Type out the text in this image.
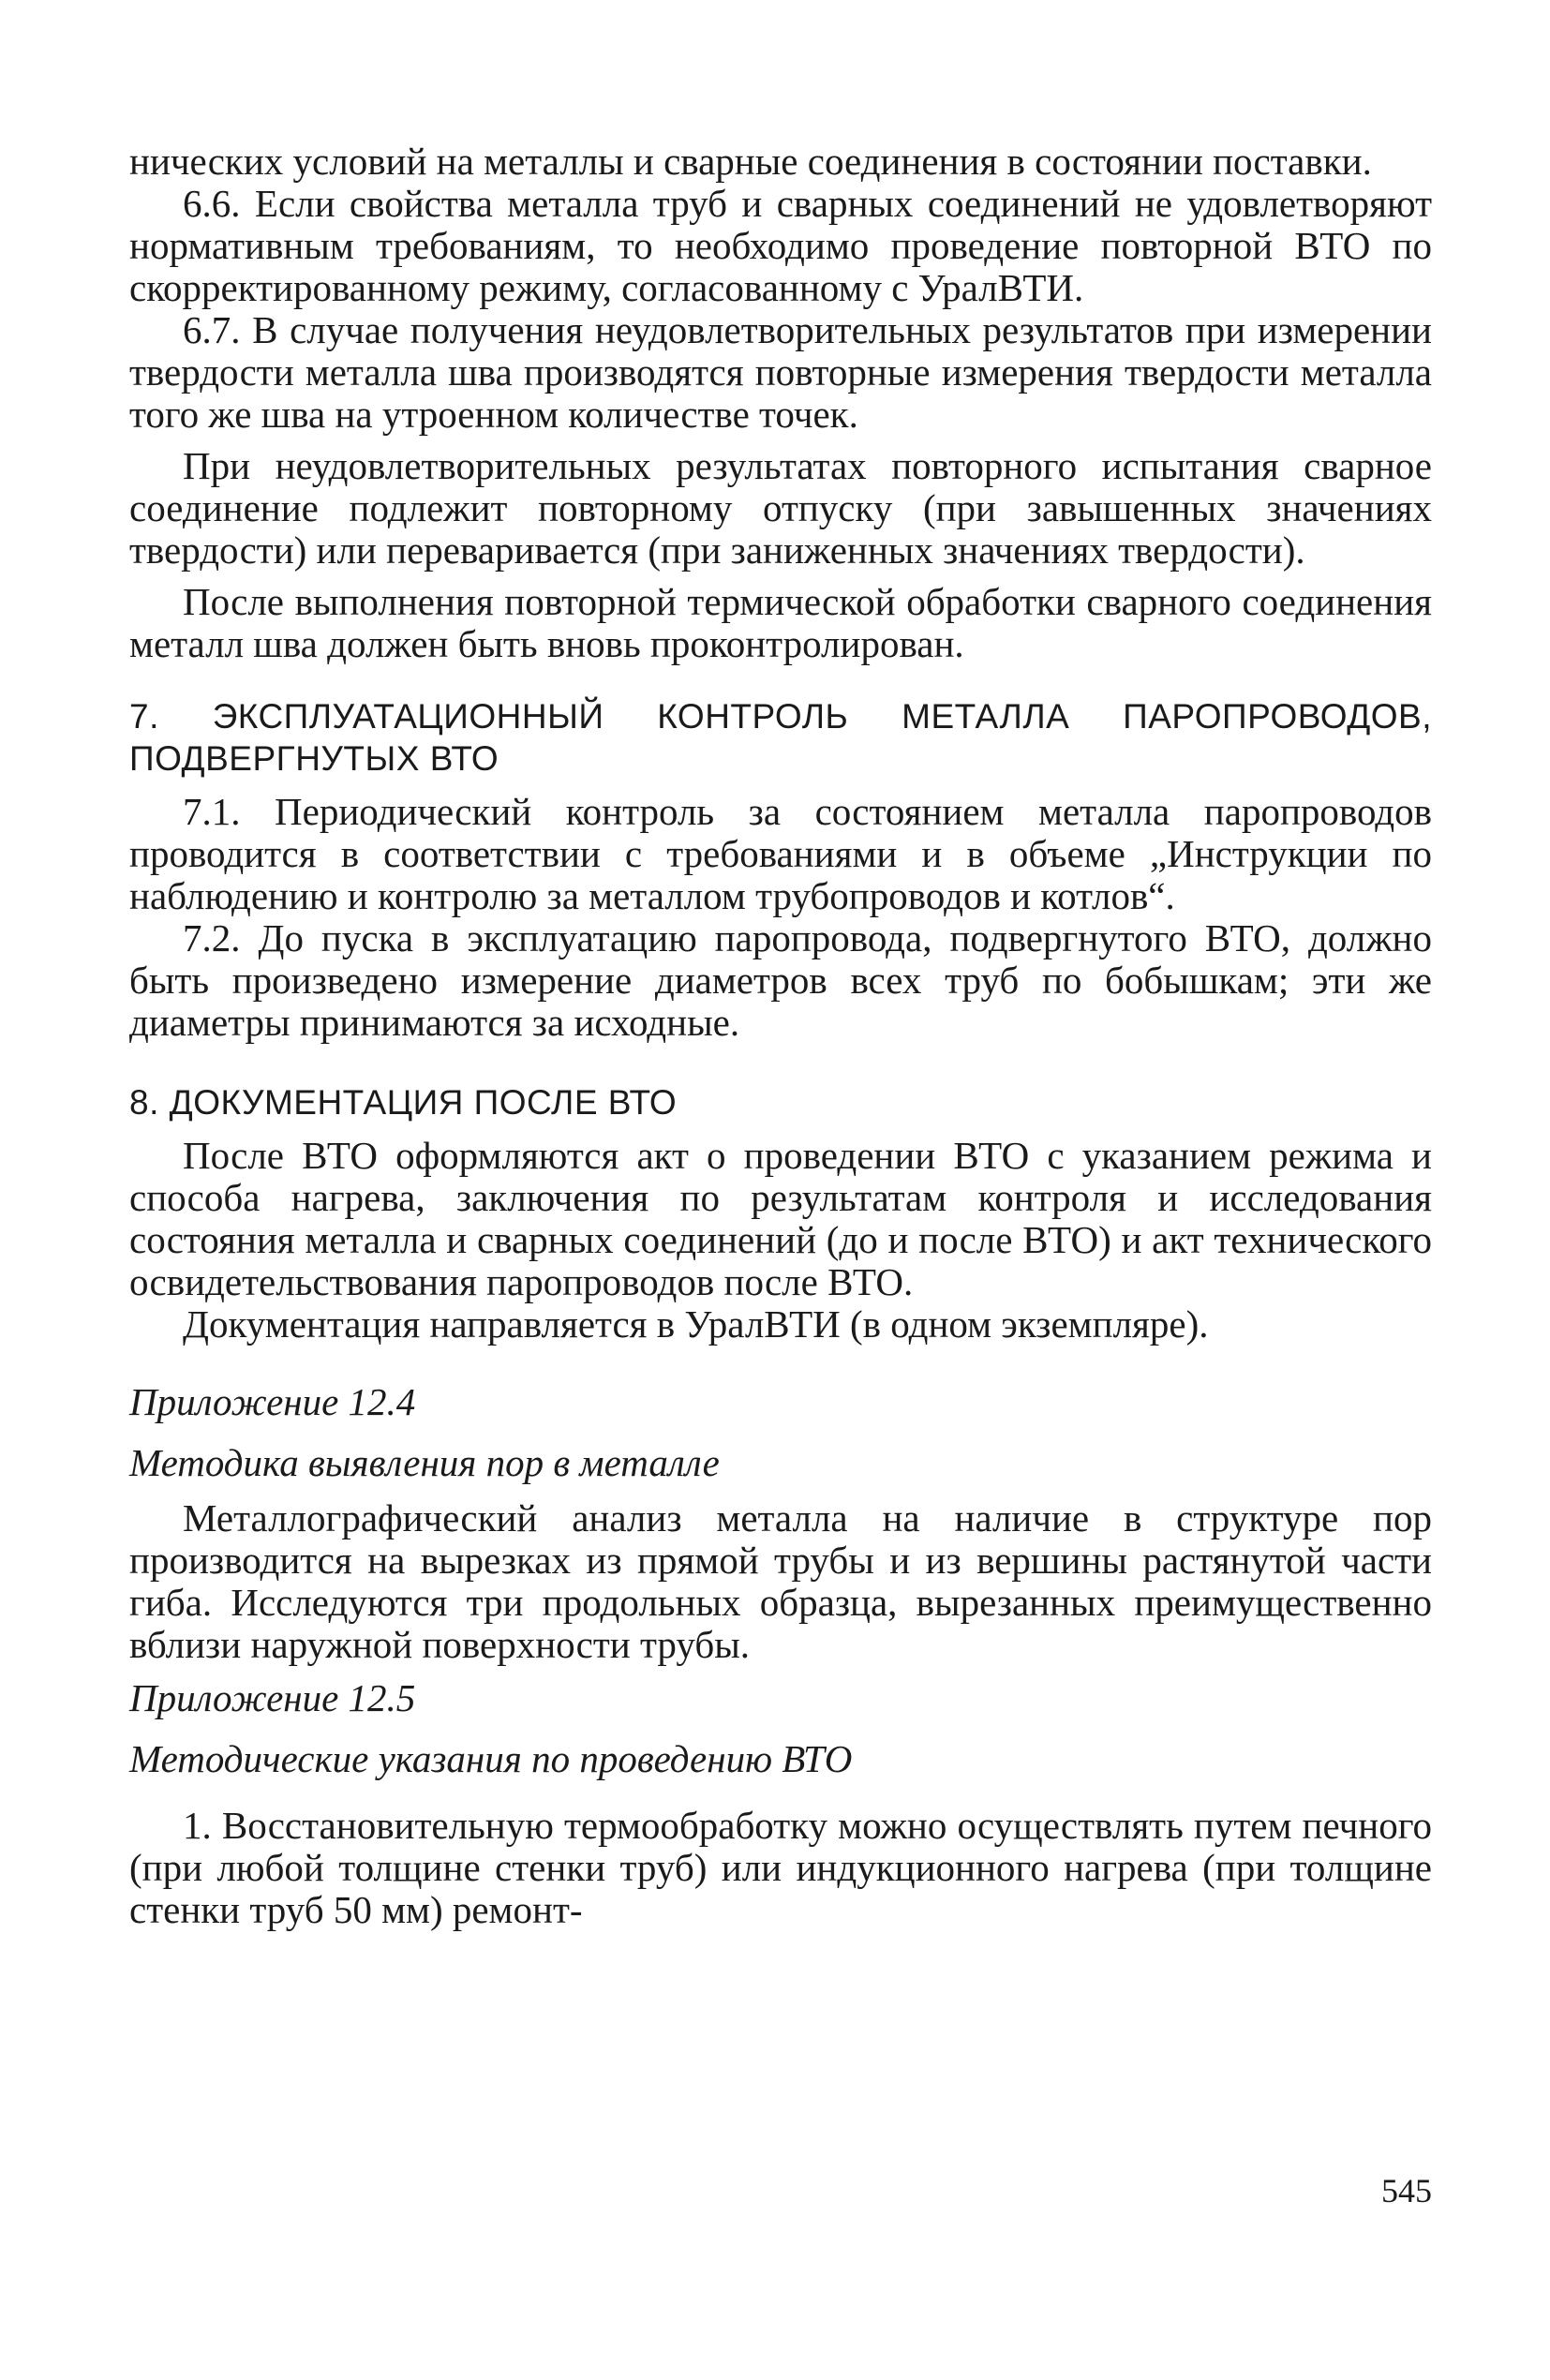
нических условий на металлы и сварные соединения в состоянии поставки.

6.6. Если свойства металла труб и сварных соединений не удовлетворяют нормативным требованиям, то необходимо проведение повторной ВТО по скорректированному режиму, согласованному с УралВТИ.

6.7. В случае получения неудовлетворительных результатов при измерении твердости металла шва производятся повторные измерения твердости металла того же шва на утроенном количестве точек.

При неудовлетворительных результатах повторного испытания сварное соединение подлежит повторному отпуску (при завышенных значениях твердости) или переваривается (при заниженных значениях твердости).

После выполнения повторной термической обработки сварного соединения металл шва должен быть вновь проконтролирован.

7. ЭКСПЛУАТАЦИОННЫЙ КОНТРОЛЬ МЕТАЛЛА ПАРОПРОВОДОВ, ПОДВЕРГНУТЫХ ВТО

7.1. Периодический контроль за состоянием металла паропроводов проводится в соответствии с требованиями и в объеме „Инструкции по наблюдению и контролю за металлом трубопроводов и котлов“.

7.2. До пуска в эксплуатацию паропровода, подвергнутого ВТО, должно быть произведено измерение диаметров всех труб по бобышкам; эти же диаметры принимаются за исходные.

8. ДОКУМЕНТАЦИЯ ПОСЛЕ ВТО

После ВТО оформляются акт о проведении ВТО с указанием режима и способа нагрева, заключения по результатам контроля и исследования состояния металла и сварных соединений (до и после ВТО) и акт технического освидетельствования паропроводов после ВТО.

Документация направляется в УралВТИ (в одном экземпляре).

Приложение 12.4

Методика выявления пор в металле

Металлографический анализ металла на наличие в структуре пор производится на вырезках из прямой трубы и из вершины растянутой части гиба. Исследуются три продольных образца, вырезанных преимущественно вблизи наружной поверхности трубы.

Приложение 12.5

Методические указания по проведению ВТО

1. Восстановительную термообработку можно осуществлять путем печного (при любой толщине стенки труб) или индукционного нагрева (при толщине стенки труб 50 мм) ремонт-

545
